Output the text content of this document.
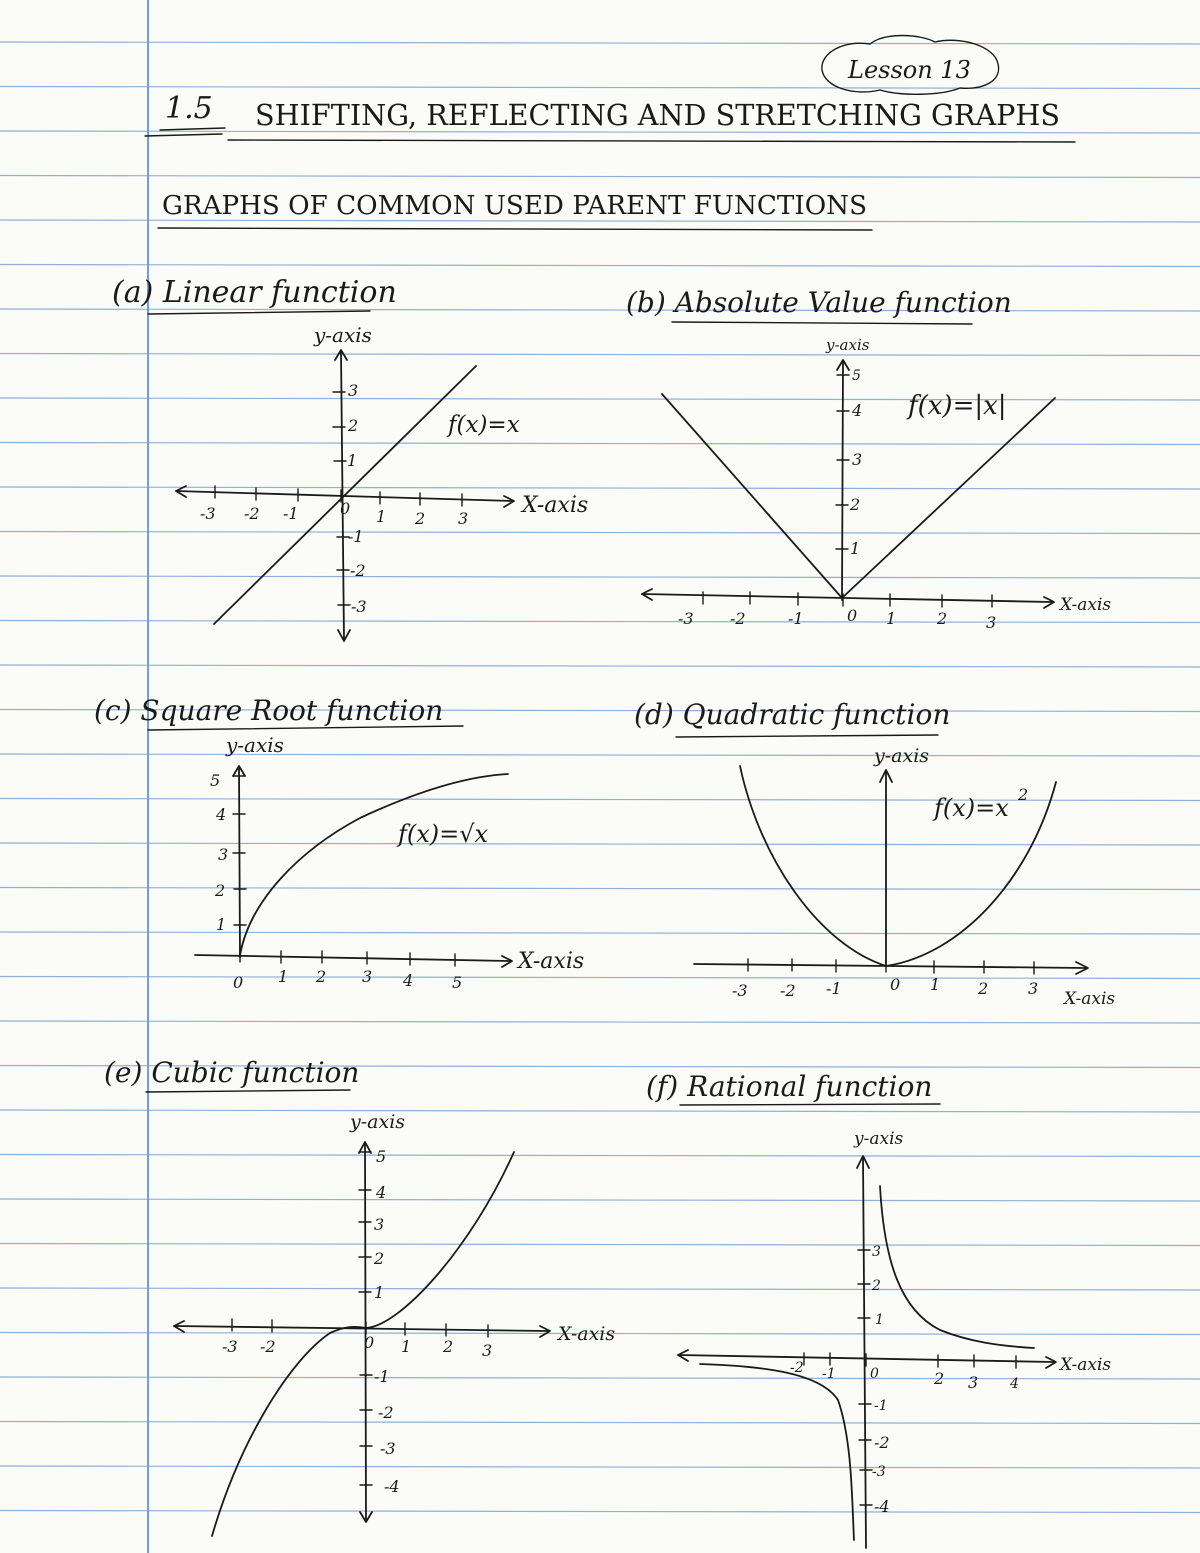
Lesson 13
1.5 SHIFTING, REFLECTING AND STRETCHING GRAPHS
GRAPHS OF COMMON USED PARENT FUNCTIONS
(a) Linear function
y-axis
X-axis
f(x)=x
-3 -2 -1	0 1 2 3
3
2
1
-1
-2
-3
(b) Absolute Value function
y-axis
X-axis
f(x)=|x|
-3 -2	-1	0 1	2 3
5
4
3
2
1
(c) Square Root function
y-axis
X-axis
f(x)=√x
0 1 2 3 4 5
5
4
3
2
1
(d) Quadratic function
y-axis
X-axis
f(x)=x 2
-3 -2 -1	0 1 2 3
(e) Cubic function
y-axis
X-axis
-3 -2	0 1 2 3
5
4
3
2
1
-1
-2
-3
-4
(f) Rational function
y-axis
X-axis
-2 -1 0	2 3 4
3
2
1
-1
-2
-3
-4
